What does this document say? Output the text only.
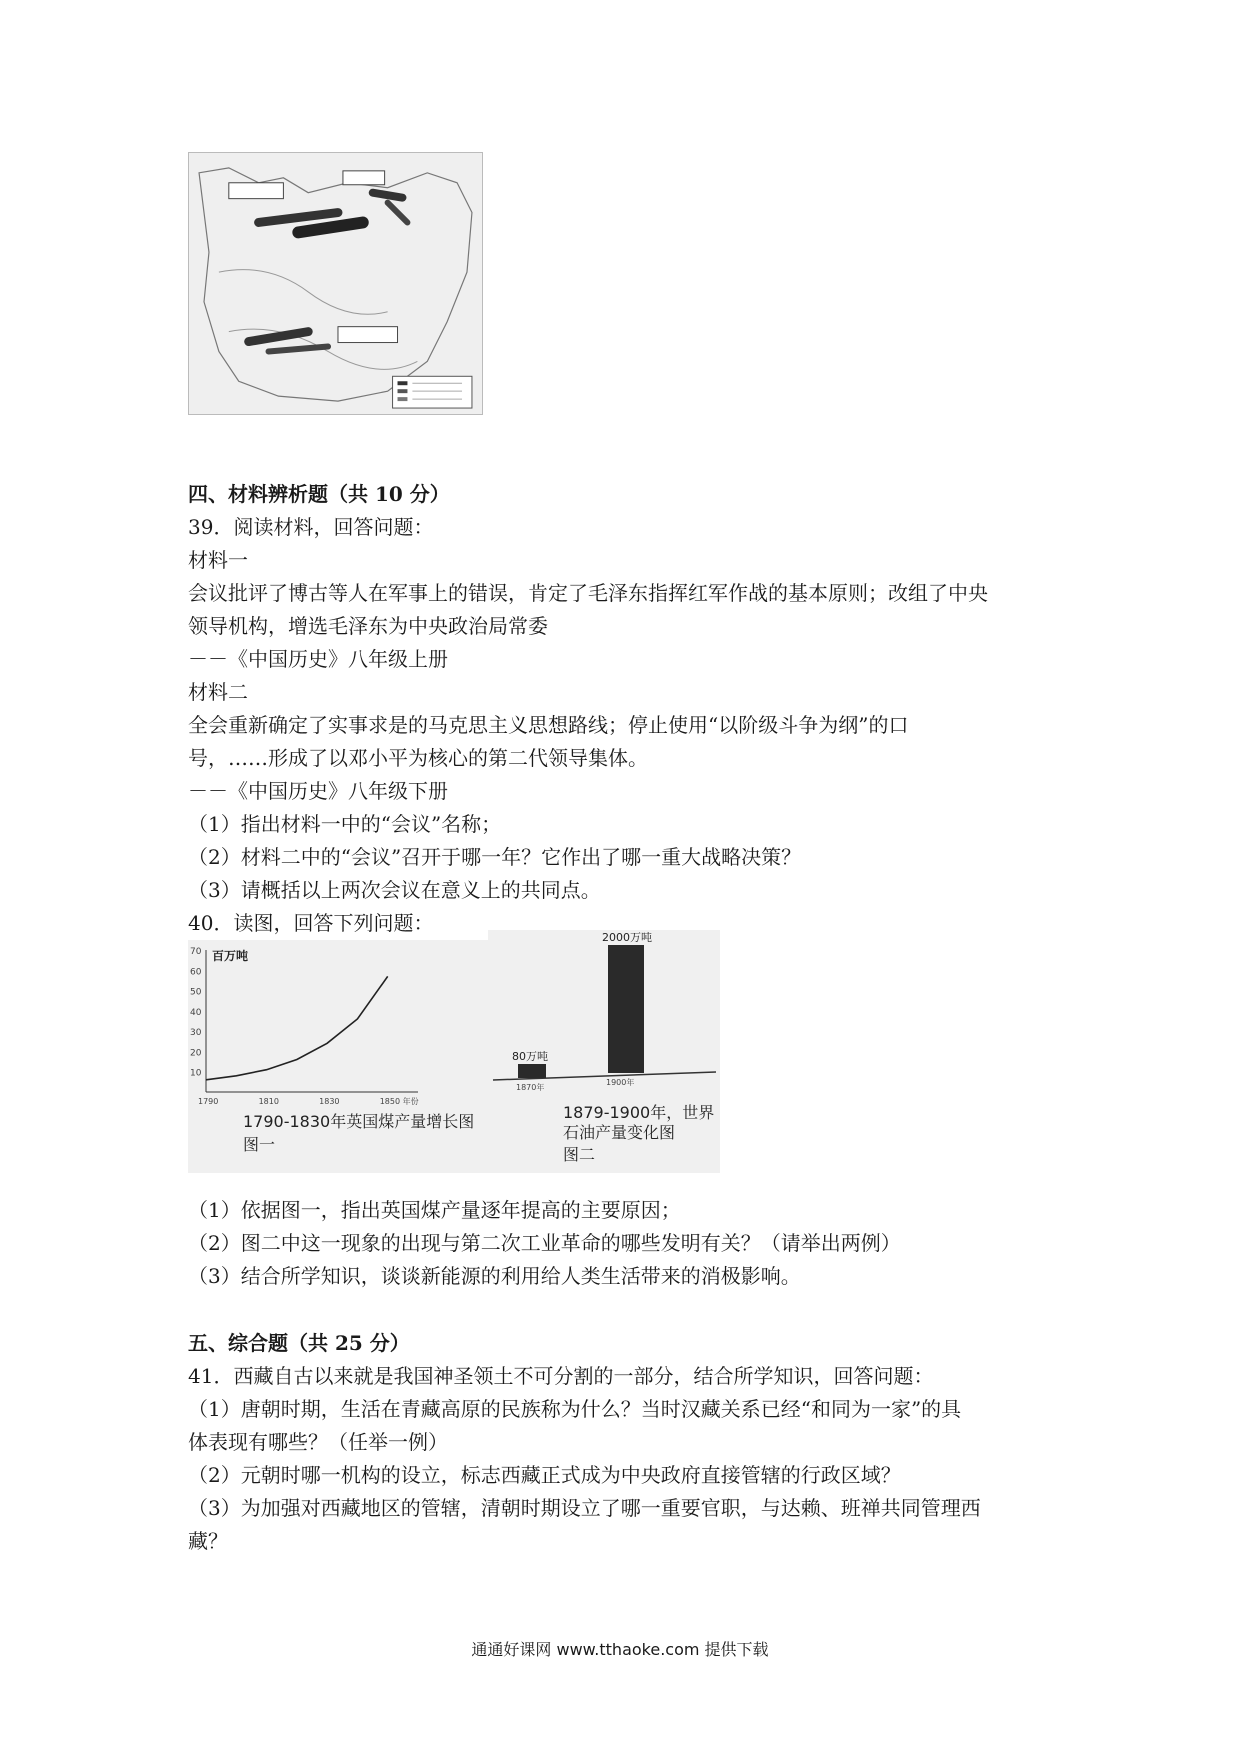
四、材料辨析题（共 10 分）
39．阅读材料，回答问题：
材料一
会议批评了博古等人在军事上的错误，肯定了毛泽东指挥红军作战的基本原则；改组了中央
领导机构，增选毛泽东为中央政治局常委
－－《中国历史》八年级上册
材料二
全会重新确定了实事求是的马克思主义思想路线；停止使用“以阶级斗争为纲”的口
号，……形成了以邓小平为核心的第二代领导集体。
－－《中国历史》八年级下册
（1）指出材料一中的“会议”名称；
（2）材料二中的“会议”召开于哪一年？它作出了哪一重大战略决策？
（3）请概括以上两次会议在意义上的共同点。
40．读图，回答下列问题：
百万吨
70
60
50
40
30
20
10
1790	1810	1830	1850 年份
1790-1830年英国煤产量增长图
图一
80万吨
1870年
2000万吨
1900年
1879-1900年，世界
石油产量变化图
图二
（1）依据图一，指出英国煤产量逐年提高的主要原因；
（2）图二中这一现象的出现与第二次工业革命的哪些发明有关？（请举出两例）
（3）结合所学知识，谈谈新能源的利用给人类生活带来的消极影响。
五、综合题（共 25 分）
41．西藏自古以来就是我国神圣领土不可分割的一部分，结合所学知识，回答问题：
（1）唐朝时期，生活在青藏高原的民族称为什么？当时汉藏关系已经“和同为一家”的具
体表现有哪些？（任举一例）
（2）元朝时哪一机构的设立，标志西藏正式成为中央政府直接管辖的行政区域？
（3）为加强对西藏地区的管辖，清朝时期设立了哪一重要官职，与达赖、班禅共同管理西
藏？
通通好课网 www.tthaoke.com 提供下载
